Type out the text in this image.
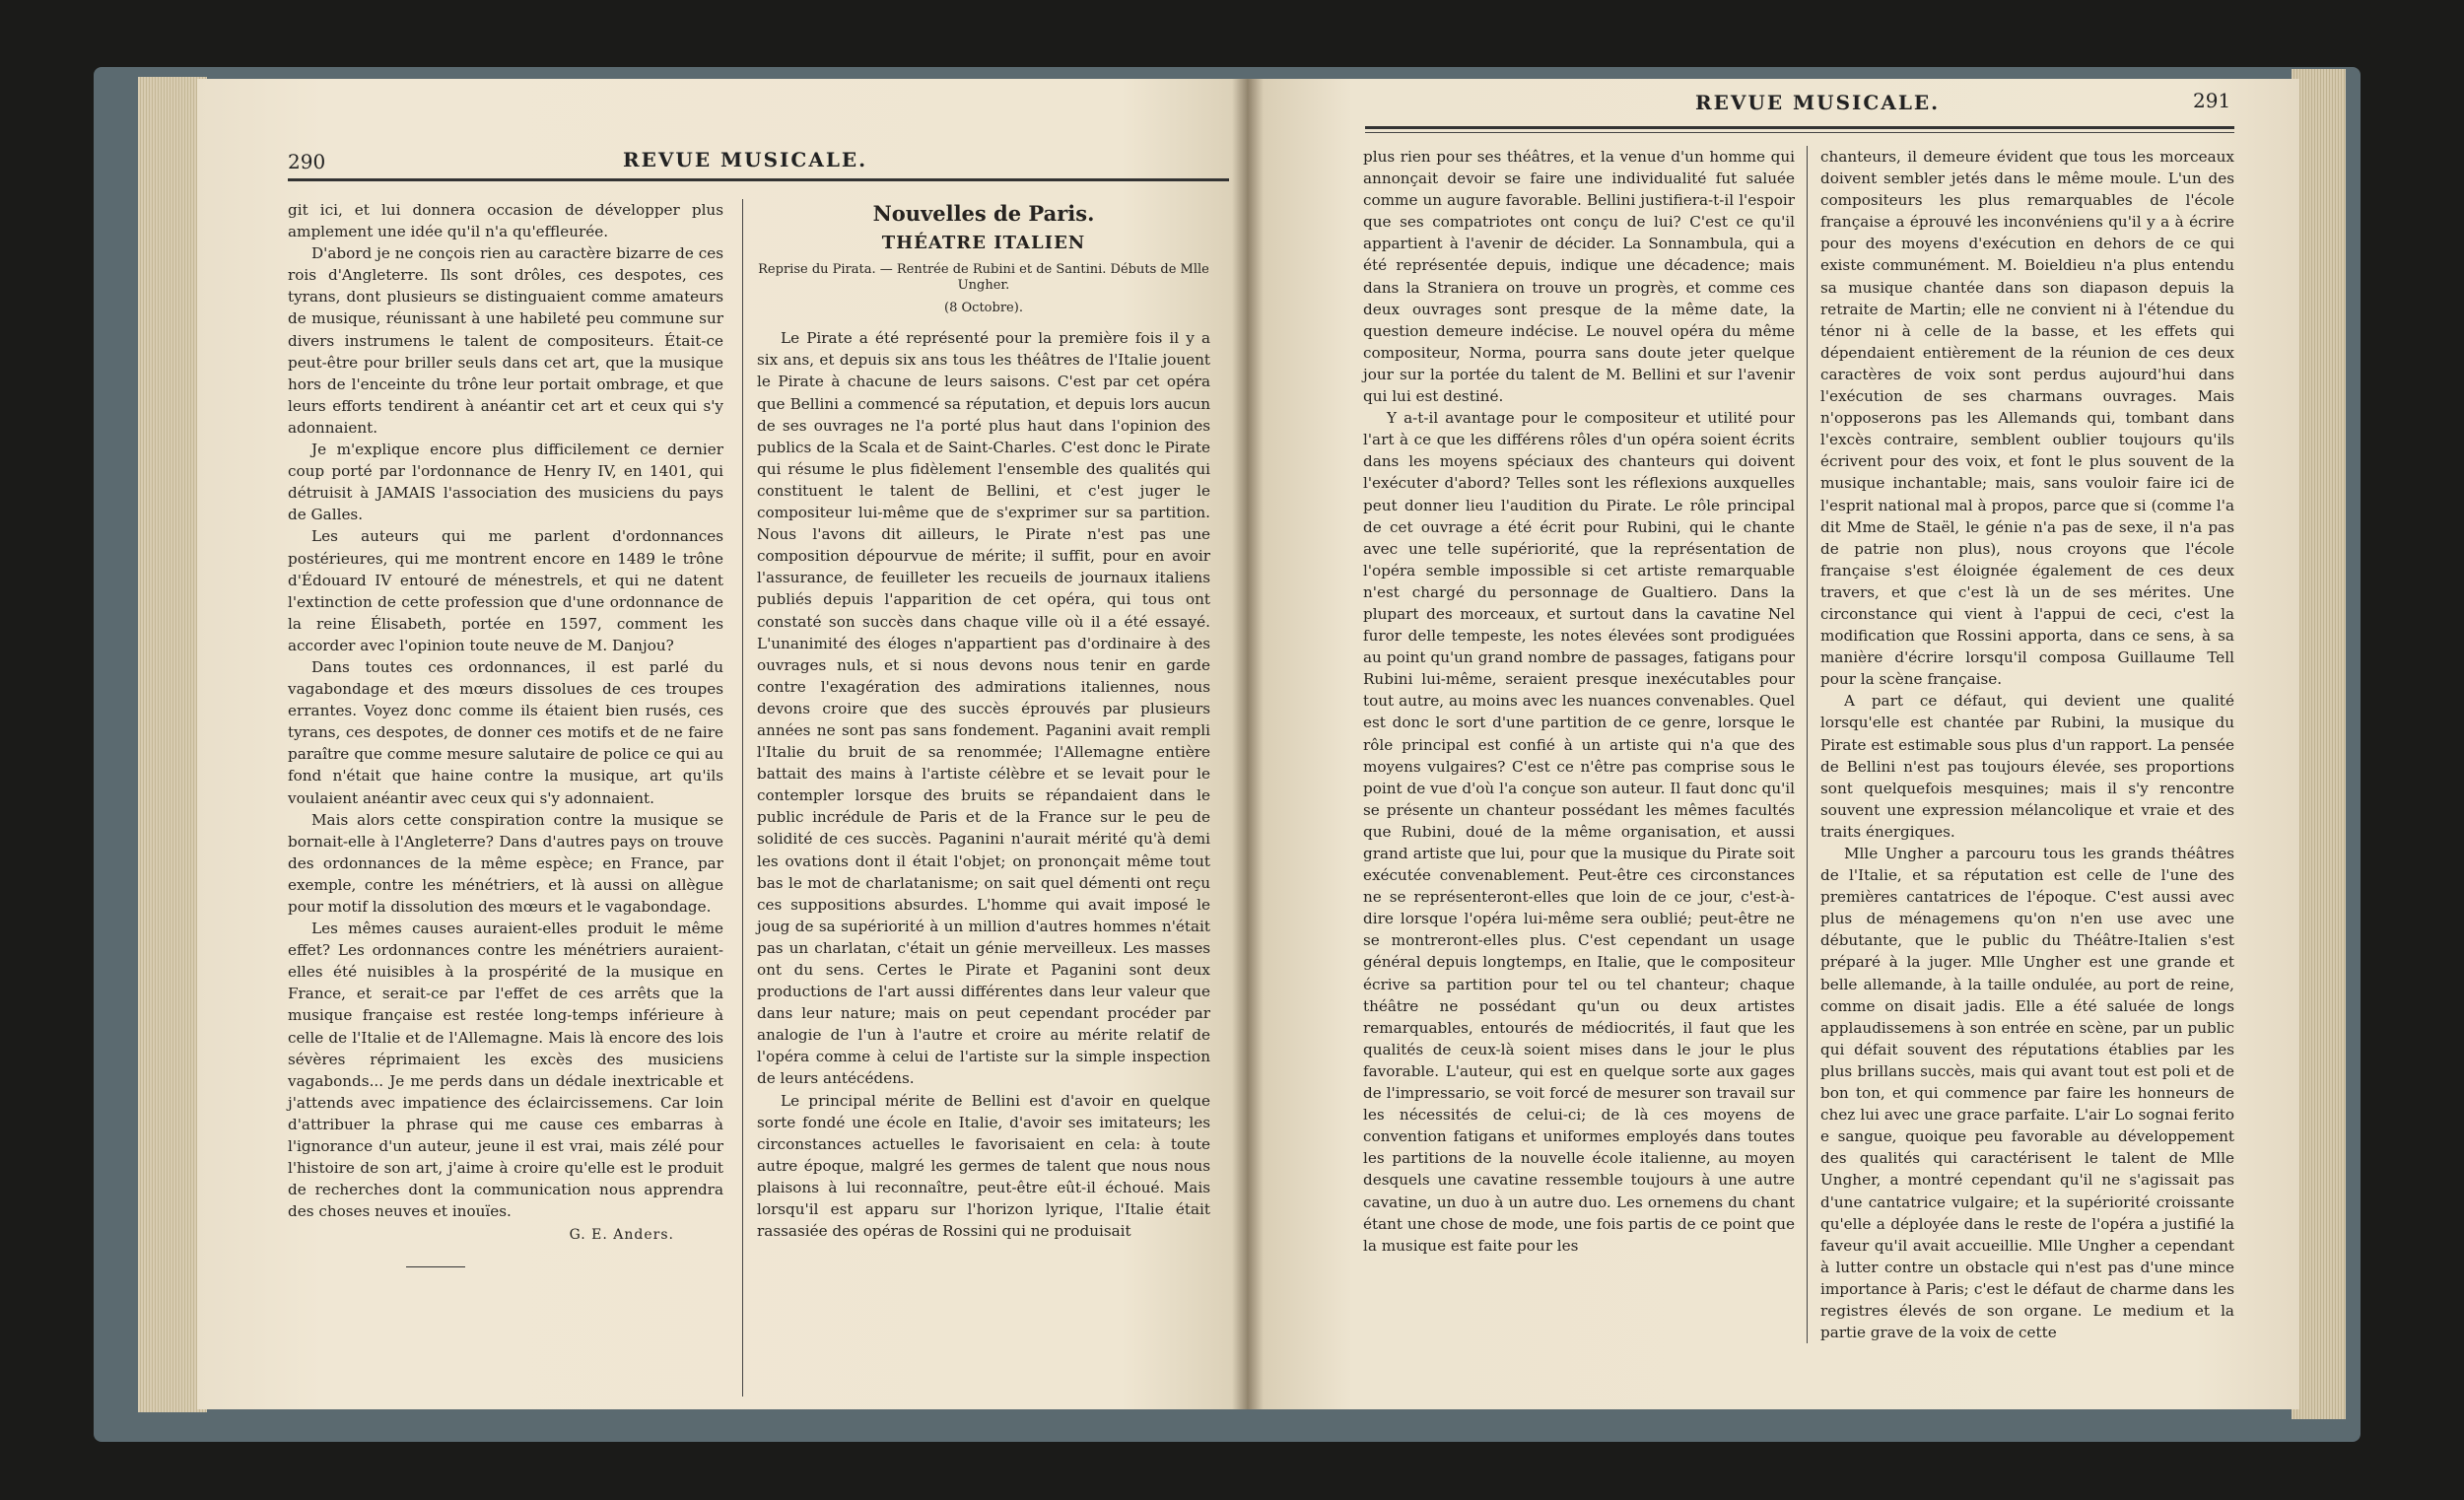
290	REVUE MUSICALE.

git ici, et lui donnera occasion de développer plus amplement une idée qu'il n'a qu'effleurée.

D'abord je ne conçois rien au caractère bizarre de ces rois d'Angleterre. Ils sont drôles, ces despotes, ces tyrans, dont plusieurs se distinguaient comme amateurs de musique, réunissant à une habileté peu commune sur divers instrumens le talent de compositeurs. Était-ce peut-être pour briller seuls dans cet art, que la musique hors de l'enceinte du trône leur portait ombrage, et que leurs efforts tendirent à anéantir cet art et ceux qui s'y adonnaient.

Je m'explique encore plus difficilement ce dernier coup porté par l'ordonnance de Henry IV, en 1401, qui détruisit à JAMAIS l'association des musiciens du pays de Galles.

Les auteurs qui me parlent d'ordonnances postérieures, qui me montrent encore en 1489 le trône d'Édouard IV entouré de ménestrels, et qui ne datent l'extinction de cette profession que d'une ordonnance de la reine Élisabeth, portée en 1597, comment les accorder avec l'opinion toute neuve de M. Danjou?

Dans toutes ces ordonnances, il est parlé du vagabondage et des mœurs dissolues de ces troupes errantes. Voyez donc comme ils étaient bien rusés, ces tyrans, ces despotes, de donner ces motifs et de ne faire paraître que comme mesure salutaire de police ce qui au fond n'était que haine contre la musique, art qu'ils voulaient anéantir avec ceux qui s'y adonnaient.

Mais alors cette conspiration contre la musique se bornait-elle à l'Angleterre? Dans d'autres pays on trouve des ordonnances de la même espèce; en France, par exemple, contre les ménétriers, et là aussi on allègue pour motif la dissolution des mœurs et le vagabondage.

Les mêmes causes auraient-elles produit le même effet? Les ordonnances contre les ménétriers auraient-elles été nuisibles à la prospérité de la musique en France, et serait-ce par l'effet de ces arrêts que la musique française est restée long-temps inférieure à celle de l'Italie et de l'Allemagne. Mais là encore des lois sévères réprimaient les excès des musiciens vagabonds... Je me perds dans un dédale inextricable et j'attends avec impatience des éclaircissemens. Car loin d'attribuer la phrase qui me cause ces embarras à l'ignorance d'un auteur, jeune il est vrai, mais zélé pour l'histoire de son art, j'aime à croire qu'elle est le produit de recherches dont la communication nous apprendra des choses neuves et inouïes.

G. E. Anders.
Nouvelles de Paris.
THÉATRE ITALIEN
Reprise du Pirata. — Rentrée de Rubini et de Santini. Débuts de Mlle Ungher.
(8 Octobre).

Le Pirate a été représenté pour la première fois il y a six ans, et depuis six ans tous les théâtres de l'Italie jouent le Pirate à chacune de leurs saisons. C'est par cet opéra que Bellini a commencé sa réputation, et depuis lors aucun de ses ouvrages ne l'a porté plus haut dans l'opinion des publics de la Scala et de Saint-Charles. C'est donc le Pirate qui résume le plus fidèlement l'ensemble des qualités qui constituent le talent de Bellini, et c'est juger le compositeur lui-même que de s'exprimer sur sa partition. Nous l'avons dit ailleurs, le Pirate n'est pas une composition dépourvue de mérite; il suffit, pour en avoir l'assurance, de feuilleter les recueils de journaux italiens publiés depuis l'apparition de cet opéra, qui tous ont constaté son succès dans chaque ville où il a été essayé. L'unanimité des éloges n'appartient pas d'ordinaire à des ouvrages nuls, et si nous devons nous tenir en garde contre l'exagération des admirations italiennes, nous devons croire que des succès éprouvés par plusieurs années ne sont pas sans fondement. Paganini avait rempli l'Italie du bruit de sa renommée; l'Allemagne entière battait des mains à l'artiste célèbre et se levait pour le contempler lorsque des bruits se répandaient dans le public incrédule de Paris et de la France sur le peu de solidité de ces succès. Paganini n'aurait mérité qu'à demi les ovations dont il était l'objet; on prononçait même tout bas le mot de charlatanisme; on sait quel démenti ont reçu ces suppositions absurdes. L'homme qui avait imposé le joug de sa supériorité à un million d'autres hommes n'était pas un charlatan, c'était un génie merveilleux. Les masses ont du sens. Certes le Pirate et Paganini sont deux productions de l'art aussi différentes dans leur valeur que dans leur nature; mais on peut cependant procéder par analogie de l'un à l'autre et croire au mérite relatif de l'opéra comme à celui de l'artiste sur la simple inspection de leurs antécédens.

Le principal mérite de Bellini est d'avoir en quelque sorte fondé une école en Italie, d'avoir ses imitateurs; les circonstances actuelles le favorisaient en cela: à toute autre époque, malgré les germes de talent que nous nous plaisons à lui reconnaître, peut-être eût-il échoué. Mais lorsqu'il est apparu sur l'horizon lyrique, l'Italie était rassasiée des opéras de Rossini qui ne produisait

REVUE MUSICALE.	291

plus rien pour ses théâtres, et la venue d'un homme qui annonçait devoir se faire une individualité fut saluée comme un augure favorable. Bellini justifiera-t-il l'espoir que ses compatriotes ont conçu de lui? C'est ce qu'il appartient à l'avenir de décider. La Sonnambula, qui a été représentée depuis, indique une décadence; mais dans la Straniera on trouve un progrès, et comme ces deux ouvrages sont presque de la même date, la question demeure indécise. Le nouvel opéra du même compositeur, Norma, pourra sans doute jeter quelque jour sur la portée du talent de M. Bellini et sur l'avenir qui lui est destiné.

Y a-t-il avantage pour le compositeur et utilité pour l'art à ce que les différens rôles d'un opéra soient écrits dans les moyens spéciaux des chanteurs qui doivent l'exécuter d'abord? Telles sont les réflexions auxquelles peut donner lieu l'audition du Pirate. Le rôle principal de cet ouvrage a été écrit pour Rubini, qui le chante avec une telle supériorité, que la représentation de l'opéra semble impossible si cet artiste remarquable n'est chargé du personnage de Gualtiero. Dans la plupart des morceaux, et surtout dans la cavatine Nel furor delle tempeste, les notes élevées sont prodiguées au point qu'un grand nombre de passages, fatigans pour Rubini lui-même, seraient presque inexécutables pour tout autre, au moins avec les nuances convenables. Quel est donc le sort d'une partition de ce genre, lorsque le rôle principal est confié à un artiste qui n'a que des moyens vulgaires? C'est ce n'être pas comprise sous le point de vue d'où l'a conçue son auteur. Il faut donc qu'il se présente un chanteur possédant les mêmes facultés que Rubini, doué de la même organisation, et aussi grand artiste que lui, pour que la musique du Pirate soit exécutée convenablement. Peut-être ces circonstances ne se représenteront-elles que loin de ce jour, c'est-à-dire lorsque l'opéra lui-même sera oublié; peut-être ne se montreront-elles plus. C'est cependant un usage général depuis longtemps, en Italie, que le compositeur écrive sa partition pour tel ou tel chanteur; chaque théâtre ne possédant qu'un ou deux artistes remarquables, entourés de médiocrités, il faut que les qualités de ceux-là soient mises dans le jour le plus favorable. L'auteur, qui est en quelque sorte aux gages de l'impressario, se voit forcé de mesurer son travail sur les nécessités de celui-ci; de là ces moyens de convention fatigans et uniformes employés dans toutes les partitions de la nouvelle école italienne, au moyen desquels une cavatine ressemble toujours à une autre cavatine, un duo à un autre duo. Les ornemens du chant étant une chose de mode, une fois partis de ce point que la musique est faite pour les

chanteurs, il demeure évident que tous les morceaux doivent sembler jetés dans le même moule. L'un des compositeurs les plus remarquables de l'école française a éprouvé les inconvéniens qu'il y a à écrire pour des moyens d'exécution en dehors de ce qui existe communément. M. Boieldieu n'a plus entendu sa musique chantée dans son diapason depuis la retraite de Martin; elle ne convient ni à l'étendue du ténor ni à celle de la basse, et les effets qui dépendaient entièrement de la réunion de ces deux caractères de voix sont perdus aujourd'hui dans l'exécution de ses charmans ouvrages. Mais n'opposerons pas les Allemands qui, tombant dans l'excès contraire, semblent oublier toujours qu'ils écrivent pour des voix, et font le plus souvent de la musique inchantable; mais, sans vouloir faire ici de l'esprit national mal à propos, parce que si (comme l'a dit Mme de Staël, le génie n'a pas de sexe, il n'a pas de patrie non plus), nous croyons que l'école française s'est éloignée également de ces deux travers, et que c'est là un de ses mérites. Une circonstance qui vient à l'appui de ceci, c'est la modification que Rossini apporta, dans ce sens, à sa manière d'écrire lorsqu'il composa Guillaume Tell pour la scène française.

A part ce défaut, qui devient une qualité lorsqu'elle est chantée par Rubini, la musique du Pirate est estimable sous plus d'un rapport. La pensée de Bellini n'est pas toujours élevée, ses proportions sont quelquefois mesquines; mais il s'y rencontre souvent une expression mélancolique et vraie et des traits énergiques.

Mlle Ungher a parcouru tous les grands théâtres de l'Italie, et sa réputation est celle de l'une des premières cantatrices de l'époque. C'est aussi avec plus de ménagemens qu'on n'en use avec une débutante, que le public du Théâtre-Italien s'est préparé à la juger. Mlle Ungher est une grande et belle allemande, à la taille ondulée, au port de reine, comme on disait jadis. Elle a été saluée de longs applaudissemens à son entrée en scène, par un public qui défait souvent des réputations établies par les plus brillans succès, mais qui avant tout est poli et de bon ton, et qui commence par faire les honneurs de chez lui avec une grace parfaite. L'air Lo sognai ferito e sangue, quoique peu favorable au développement des qualités qui caractérisent le talent de Mlle Ungher, a montré cependant qu'il ne s'agissait pas d'une cantatrice vulgaire; et la supériorité croissante qu'elle a déployée dans le reste de l'opéra a justifié la faveur qu'il avait accueillie. Mlle Ungher a cependant à lutter contre un obstacle qui n'est pas d'une mince importance à Paris; c'est le défaut de charme dans les registres élevés de son organe. Le medium et la partie grave de la voix de cette
